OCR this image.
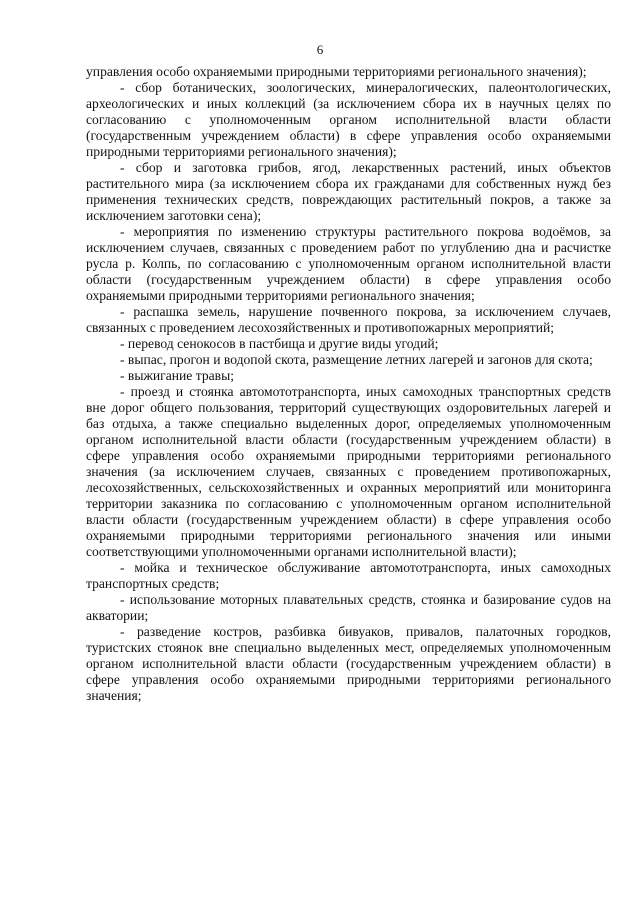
6

управления особо охраняемыми природными территориями регионального значения);

- сбор ботанических, зоологических, минералогических, палеонтологических, археологических и иных коллекций (за исключением сбора их в научных целях по согласованию с уполномоченным органом исполнительной власти области (государственным учреждением области) в сфере управления особо охраняемыми природными территориями регионального значения);

- сбор и заготовка грибов, ягод, лекарственных растений, иных объектов растительного мира (за исключением сбора их гражданами для собственных нужд без применения технических средств, повреждающих растительный покров, а также за исключением заготовки сена);

- мероприятия по изменению структуры растительного покрова водоёмов, за исключением случаев, связанных с проведением работ по углублению дна и расчистке русла р. Колпь, по согласованию с уполномоченным органом исполнительной власти области (государственным учреждением области) в сфере управления особо охраняемыми природными территориями регионального значения;

- распашка земель, нарушение почвенного покрова, за исключением случаев, связанных с проведением лесохозяйственных и противопожарных мероприятий;

- перевод сенокосов в пастбища и другие виды угодий;

- выпас, прогон и водопой скота, размещение летних лагерей и загонов для скота;

- выжигание травы;

- проезд и стоянка автомототранспорта, иных самоходных транспортных средств вне дорог общего пользования, территорий существующих оздоровительных лагерей и баз отдыха, а также специально выделенных дорог, определяемых уполномоченным органом исполнительной власти области (государственным учреждением области) в сфере управления особо охраняемыми природными территориями регионального значения (за исключением случаев, связанных с проведением противопожарных, лесохозяйственных, сельскохозяйственных и охранных мероприятий или мониторинга территории заказника по согласованию с уполномоченным органом исполнительной власти области (государственным учреждением области) в сфере управления особо охраняемыми природными территориями регионального значения или иными соответствующими уполномоченными органами исполнительной власти);

- мойка и техническое обслуживание автомототранспорта, иных самоходных транспортных средств;

- использование моторных плавательных средств, стоянка и базирование судов на акватории;

- разведение костров, разбивка бивуаков, привалов, палаточных городков, туристских стоянок вне специально выделенных мест, определяемых уполномоченным органом исполнительной власти области (государственным учреждением области) в сфере управления особо охраняемыми природными территориями регионального значения;
